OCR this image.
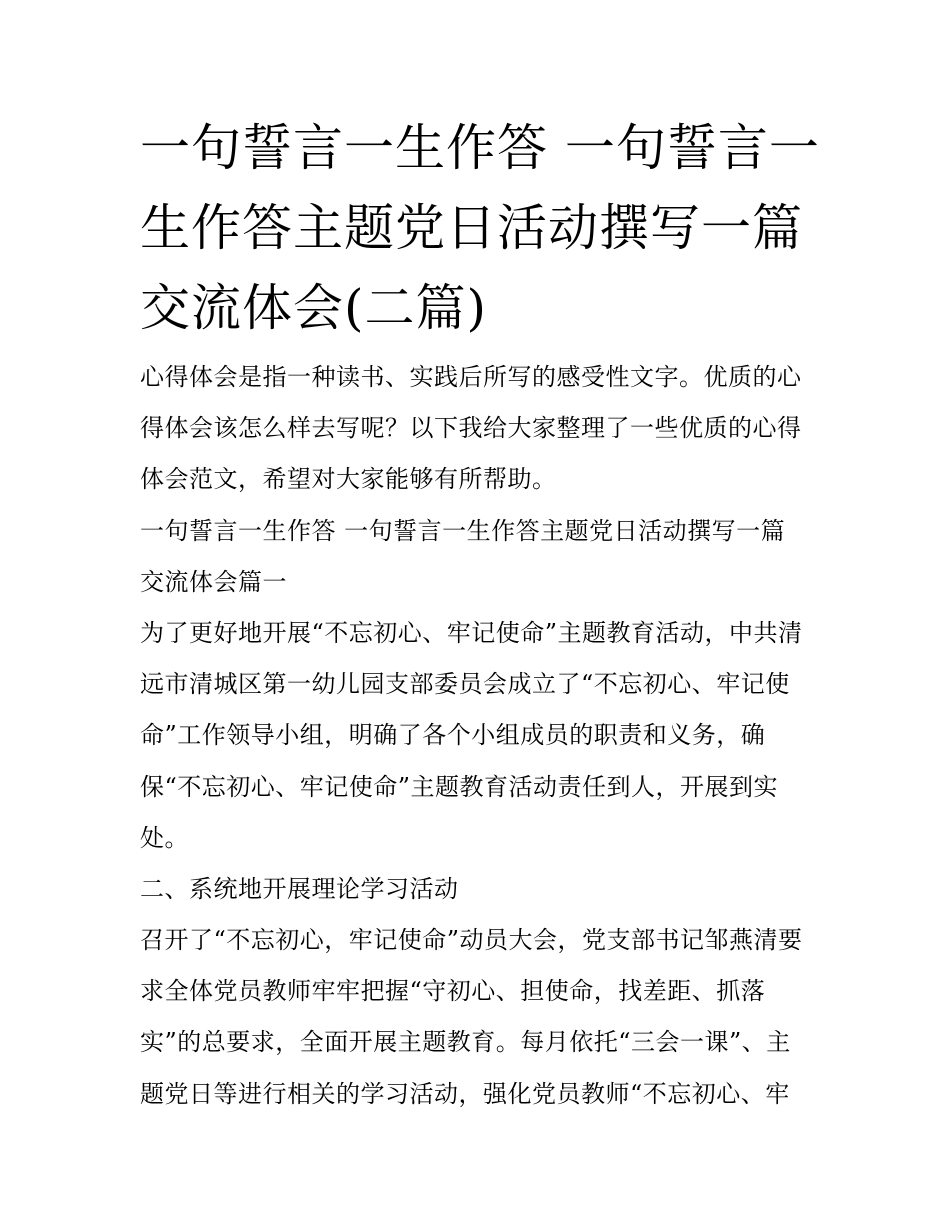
一句誓言一生作答 一句誓言一
生作答主题党日活动撰写一篇
交流体会(二篇)
心得体会是指一种读书、实践后所写的感受性文字。优质的心
得体会该怎么样去写呢？以下我给大家整理了一些优质的心得
体会范文，希望对大家能够有所帮助。
一句誓言一生作答 一句誓言一生作答主题党日活动撰写一篇
交流体会篇一
为了更好地开展“不忘初心、牢记使命”主题教育活动，中共清
远市清城区第一幼儿园支部委员会成立了“不忘初心、牢记使
命”工作领导小组，明确了各个小组成员的职责和义务，确
保“不忘初心、牢记使命”主题教育活动责任到人，开展到实
处。
二、系统地开展理论学习活动
召开了“不忘初心，牢记使命”动员大会，党支部书记邹燕清要
求全体党员教师牢牢把握“守初心、担使命，找差距、抓落
实”的总要求，全面开展主题教育。每月依托“三会一课”、主
题党日等进行相关的学习活动，强化党员教师“不忘初心、牢
